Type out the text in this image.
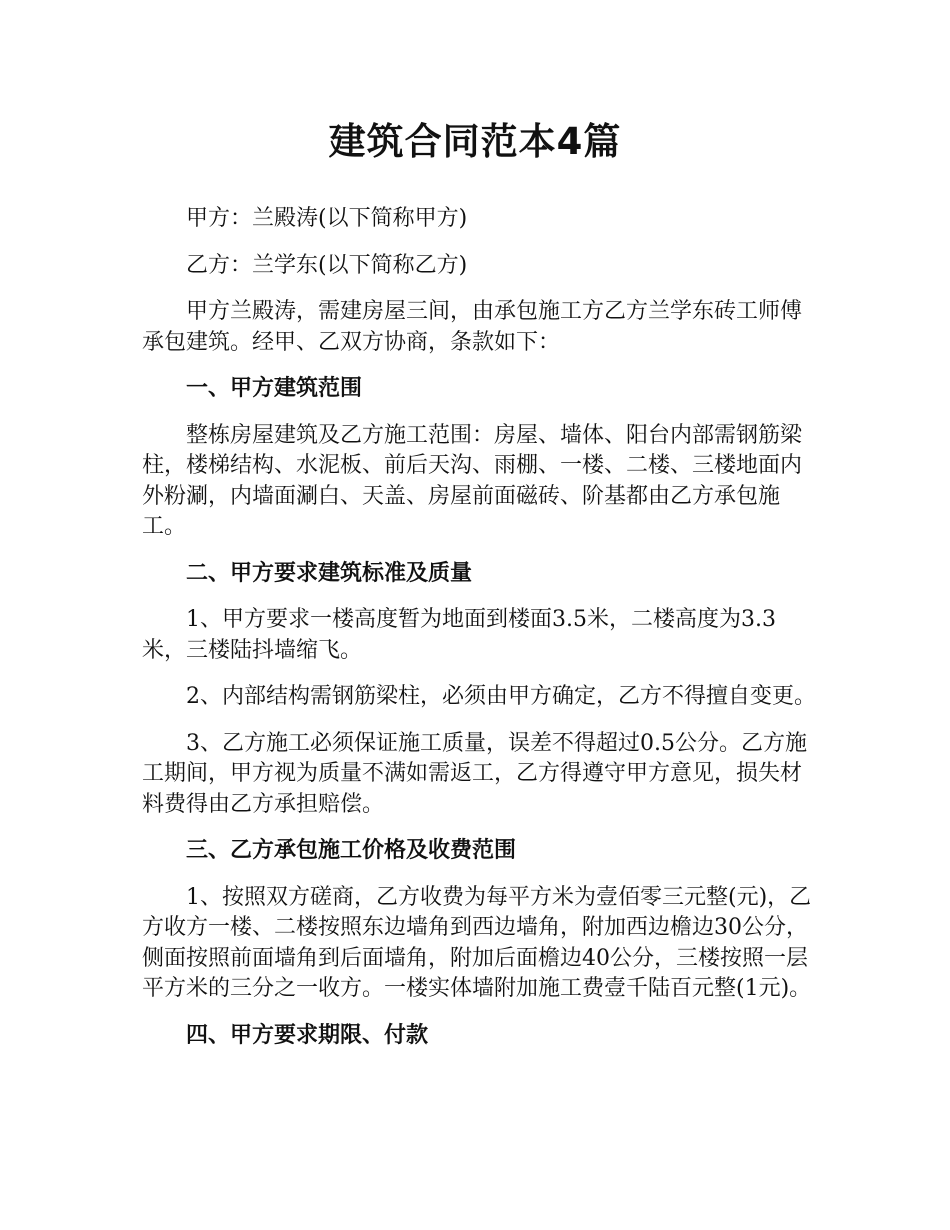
建筑合同范本4篇

甲方：兰殿涛(以下简称甲方)

乙方：兰学东(以下简称乙方)

甲方兰殿涛，需建房屋三间，由承包施工方乙方兰学东砖工师傅承包建筑。经甲、乙双方协商，条款如下：

一、甲方建筑范围

整栋房屋建筑及乙方施工范围：房屋、墙体、阳台内部需钢筋梁柱，楼梯结构、水泥板、前后天沟、雨棚、一楼、二楼、三楼地面内外粉涮，内墙面涮白、天盖、房屋前面磁砖、阶基都由乙方承包施工。

二、甲方要求建筑标准及质量

1、甲方要求一楼高度暂为地面到楼面3.5米，二楼高度为3.3米，三楼陆抖墙缩飞。

2、内部结构需钢筋梁柱，必须由甲方确定，乙方不得擅自变更。

3、乙方施工必须保证施工质量，误差不得超过0.5公分。乙方施工期间，甲方视为质量不满如需返工，乙方得遵守甲方意见，损失材料费得由乙方承担赔偿。

三、乙方承包施工价格及收费范围

1、按照双方磋商，乙方收费为每平方米为壹佰零三元整(元)，乙方收方一楼、二楼按照东边墙角到西边墙角，附加西边檐边30公分，侧面按照前面墙角到后面墙角，附加后面檐边40公分，三楼按照一层平方米的三分之一收方。一楼实体墙附加施工费壹千陆百元整(1元)。

四、甲方要求期限、付款
